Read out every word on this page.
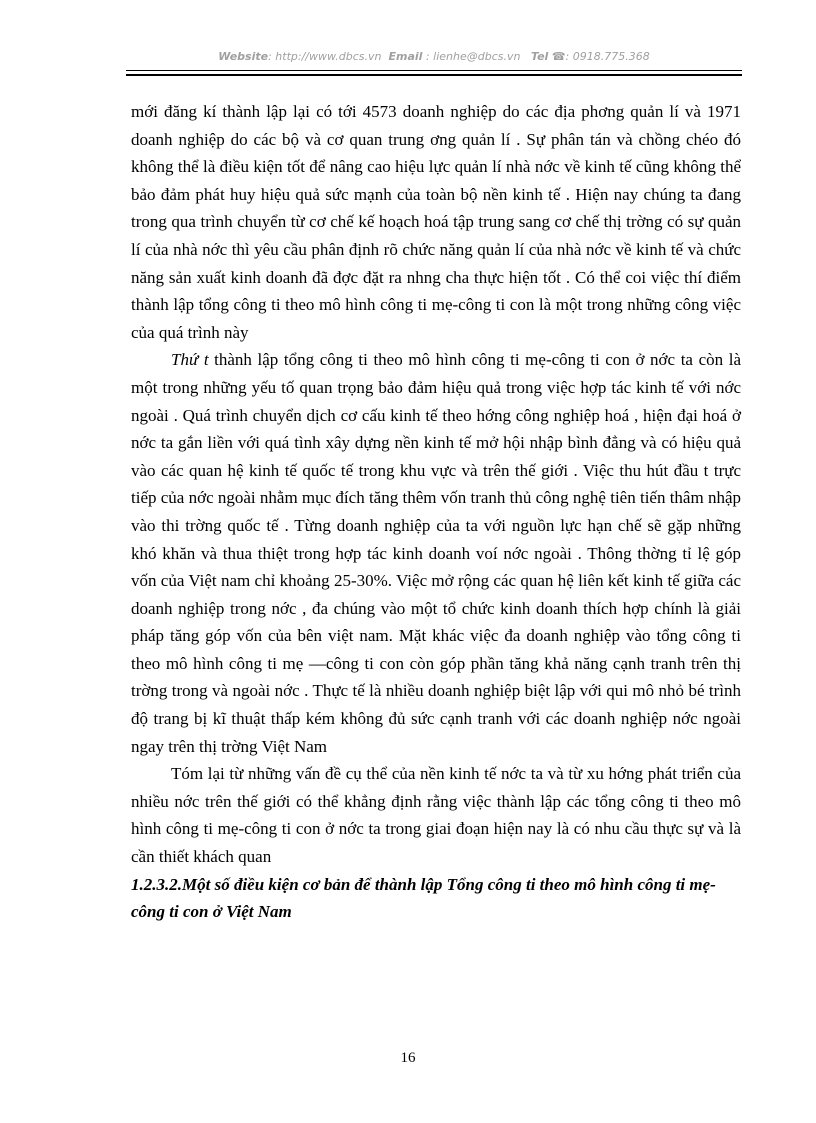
Website: http://www.dbcs.vn Email : lienhe@dbcs.vn Tel ☎: 0918.775.368

mới đăng kí thành lập lại có tới 4573 doanh nghiệp do các địa phơng quản lí và 1971 doanh nghiệp do các bộ và cơ quan trung ơng quản lí . Sự phân tán và chồng chéo đó không thể là điều kiện tốt để nâng cao hiệu lực quản lí nhà nớc về kinh tế cũng không thể bảo đảm phát huy hiệu quả sức mạnh của toàn bộ nền kinh tế . Hiện nay chúng ta đang trong qua trình chuyển từ cơ chế kế hoạch hoá tập trung sang cơ chế thị trờng có sự quản lí của nhà nớc thì yêu cầu phân định rõ chức năng quản lí của nhà nớc về kinh tế và chức năng sản xuất kinh doanh đã đợc đặt ra nhng cha thực hiện tốt . Có thể coi việc thí điểm thành lập tổng công ti theo mô hình công ti mẹ-công ti con là một trong những công việc của quá trình này

Thứ t thành lập tổng công ti theo mô hình công ti mẹ-công ti con ở nớc ta còn là một trong những yếu tố quan trọng bảo đảm hiệu quả trong việc hợp tác kinh tế với nớc ngoài . Quá trình chuyển dịch cơ cấu kinh tế theo hớng công nghiệp hoá , hiện đại hoá ở nớc ta gắn liền với quá tình xây dựng nền kinh tế mở hội nhập bình đẳng và có hiệu quả vào các quan hệ kinh tế quốc tế trong khu vực và trên thế giới . Việc thu hút đầu t trực tiếp của nớc ngoài nhằm mục đích tăng thêm vốn tranh thủ công nghệ tiên tiến thâm nhập vào thi trờng quốc tế . Từng doanh nghiệp của ta với nguồn lực hạn chế sẽ gặp những khó khăn và thua thiệt trong hợp tác kinh doanh voí nớc ngoài . Thông thờng tỉ lệ góp vốn của Việt nam chỉ khoảng 25-30%. Việc mở rộng các quan hệ liên kết kinh tế giữa các doanh nghiệp trong nớc , đa chúng vào một tổ chức kinh doanh thích hợp chính là giải pháp tăng góp vốn của bên việt nam. Mặt khác việc đa doanh nghiệp vào tổng công ti theo mô hình công ti mẹ —công ti con còn góp phần tăng khả năng cạnh tranh trên thị trờng trong và ngoài nớc . Thực tế là nhiều doanh nghiệp biệt lập với qui mô nhỏ bé trình độ trang bị kĩ thuật thấp kém không đủ sức cạnh tranh với các doanh nghiệp nớc ngoài ngay trên thị trờng Việt Nam

Tóm lại từ những vấn đề cụ thể của nền kinh tế nớc ta và từ xu hớng phát triển của nhiều nớc trên thế giới có thể khẳng định rằng việc thành lập các tổng công ti theo mô hình công ti mẹ-công ti con ở nớc ta trong giai đoạn hiện nay là có nhu cầu thực sự và là cần thiết khách quan

1.2.3.2.Một số điều kiện cơ bản để thành lập Tổng công ti theo mô hình công ti mẹ-công ti con ở Việt Nam

16
